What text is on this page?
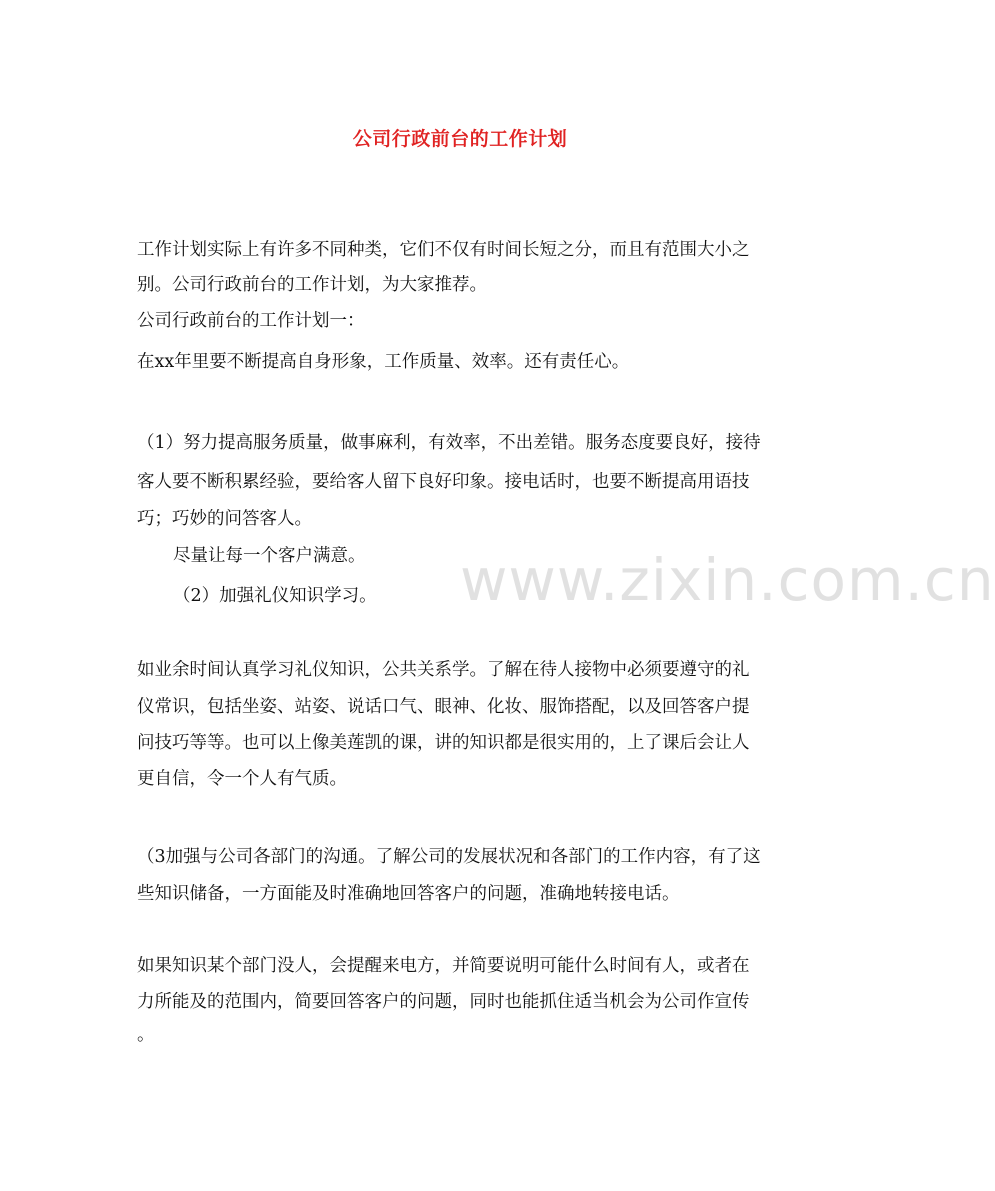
公司行政前台的工作计划
工作计划实际上有许多不同种类，它们不仅有时间长短之分，而且有范围大小之
别。公司行政前台的工作计划，为大家推荐。
公司行政前台的工作计划一：
在xx年里要不断提高自身形象，工作质量、效率。还有责任心。
（1）努力提高服务质量，做事麻利，有效率，不出差错。服务态度要良好，接待
客人要不断积累经验，要给客人留下良好印象。接电话时，也要不断提高用语技
巧；巧妙的问答客人。
尽量让每一个客户满意。
（2）加强礼仪知识学习。
如业余时间认真学习礼仪知识，公共关系学。了解在待人接物中必须要遵守的礼
仪常识，包括坐姿、站姿、说话口气、眼神、化妆、服饰搭配，以及回答客户提
问技巧等等。也可以上像美莲凯的课，讲的知识都是很实用的，上了课后会让人
更自信，令一个人有气质。
（3加强与公司各部门的沟通。了解公司的发展状况和各部门的工作内容，有了这
些知识储备，一方面能及时准确地回答客户的问题，准确地转接电话。
如果知识某个部门没人，会提醒来电方，并简要说明可能什么时间有人，或者在
力所能及的范围内，简要回答客户的问题，同时也能抓住适当机会为公司作宣传
。
www.zixin.com.cn
